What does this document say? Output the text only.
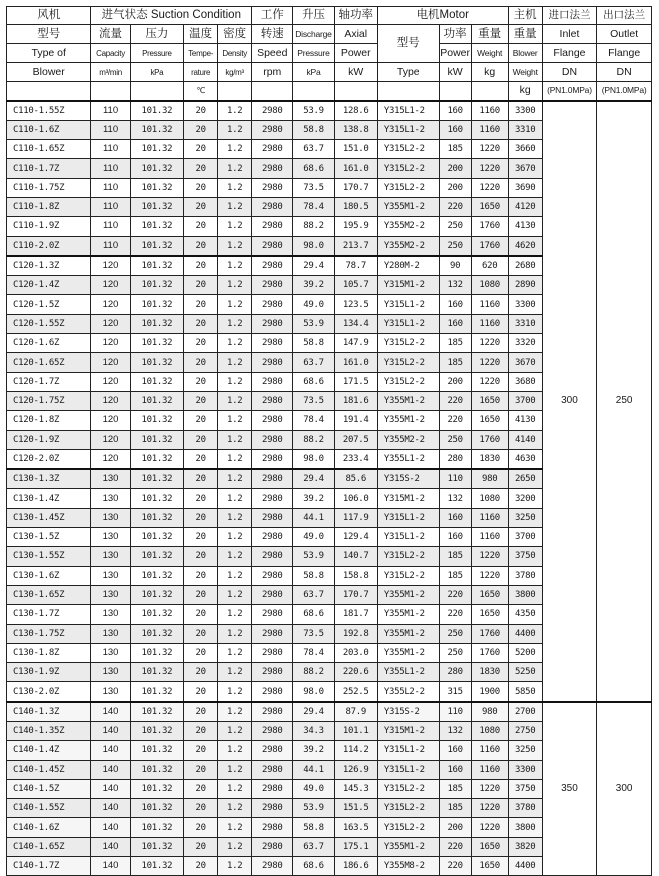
风机	进气状态 Suction Condition				工作	升压	轴功率	电机Motor			主机	进口法兰	出口法兰
型号	流量	压力	温度	密度	转速	Discharge	Axial	型号	功率	重量	重量	Inlet	Outlet
Type of	Capacity	Pressure	Tempe-	Density	Speed	Pressure	Power		Power	Weight	Blower	Flange	Flange
Blower	m³/min	kPa	rature	kg/m³	rpm	kPa	kW	Type	kW	kg	Weight	DN	DN
			℃								kg	(PN1.0MPa)	(PN1.0MPa)
C110-1.55Z	110	101.32	20	1.2	2980	53.9	128.6	Y315L1-2	160	1160	3300	300	250
C110-1.6Z	110	101.32	20	1.2	2980	58.8	138.8	Y315L1-2	160	1160	3310		
C110-1.65Z	110	101.32	20	1.2	2980	63.7	151.0	Y315L2-2	185	1220	3660		
C110-1.7Z	110	101.32	20	1.2	2980	68.6	161.0	Y315L2-2	200	1220	3670		
C110-1.75Z	110	101.32	20	1.2	2980	73.5	170.7	Y315L2-2	200	1220	3690		
C110-1.8Z	110	101.32	20	1.2	2980	78.4	180.5	Y355M1-2	220	1650	4120		
C110-1.9Z	110	101.32	20	1.2	2980	88.2	195.9	Y355M2-2	250	1760	4130		
C110-2.0Z	110	101.32	20	1.2	2980	98.0	213.7	Y355M2-2	250	1760	4620		
C120-1.3Z	120	101.32	20	1.2	2980	29.4	78.7	Y280M-2	90	620	2680		
C120-1.4Z	120	101.32	20	1.2	2980	39.2	105.7	Y315M1-2	132	1080	2890		
C120-1.5Z	120	101.32	20	1.2	2980	49.0	123.5	Y315L1-2	160	1160	3300		
C120-1.55Z	120	101.32	20	1.2	2980	53.9	134.4	Y315L1-2	160	1160	3310		
C120-1.6Z	120	101.32	20	1.2	2980	58.8	147.9	Y315L2-2	185	1220	3320		
C120-1.65Z	120	101.32	20	1.2	2980	63.7	161.0	Y315L2-2	185	1220	3670		
C120-1.7Z	120	101.32	20	1.2	2980	68.6	171.5	Y315L2-2	200	1220	3680		
C120-1.75Z	120	101.32	20	1.2	2980	73.5	181.6	Y355M1-2	220	1650	3700		
C120-1.8Z	120	101.32	20	1.2	2980	78.4	191.4	Y355M1-2	220	1650	4130		
C120-1.9Z	120	101.32	20	1.2	2980	88.2	207.5	Y355M2-2	250	1760	4140		
C120-2.0Z	120	101.32	20	1.2	2980	98.0	233.4	Y355L1-2	280	1830	4630		
C130-1.3Z	130	101.32	20	1.2	2980	29.4	85.6	Y315S-2	110	980	2650		
C130-1.4Z	130	101.32	20	1.2	2980	39.2	106.0	Y315M1-2	132	1080	3200		
C130-1.45Z	130	101.32	20	1.2	2980	44.1	117.9	Y315L1-2	160	1160	3250		
C130-1.5Z	130	101.32	20	1.2	2980	49.0	129.4	Y315L1-2	160	1160	3700		
C130-1.55Z	130	101.32	20	1.2	2980	53.9	140.7	Y315L2-2	185	1220	3750		
C130-1.6Z	130	101.32	20	1.2	2980	58.8	158.8	Y315L2-2	185	1220	3780		
C130-1.65Z	130	101.32	20	1.2	2980	63.7	170.7	Y355M1-2	220	1650	3800		
C130-1.7Z	130	101.32	20	1.2	2980	68.6	181.7	Y355M1-2	220	1650	4350		
C130-1.75Z	130	101.32	20	1.2	2980	73.5	192.8	Y355M1-2	250	1760	4400		
C130-1.8Z	130	101.32	20	1.2	2980	78.4	203.0	Y355M1-2	250	1760	5200		
C130-1.9Z	130	101.32	20	1.2	2980	88.2	220.6	Y355L1-2	280	1830	5250		
C130-2.0Z	130	101.32	20	1.2	2980	98.0	252.5	Y355L2-2	315	1900	5850		
C140-1.3Z	140	101.32	20	1.2	2980	29.4	87.9	Y315S-2	110	980	2700	350	300
C140-1.35Z	140	101.32	20	1.2	2980	34.3	101.1	Y315M1-2	132	1080	2750		
C140-1.4Z	140	101.32	20	1.2	2980	39.2	114.2	Y315L1-2	160	1160	3250		
C140-1.45Z	140	101.32	20	1.2	2980	44.1	126.9	Y315L1-2	160	1160	3300		
C140-1.5Z	140	101.32	20	1.2	2980	49.0	145.3	Y315L2-2	185	1220	3750		
C140-1.55Z	140	101.32	20	1.2	2980	53.9	151.5	Y315L2-2	185	1220	3780		
C140-1.6Z	140	101.32	20	1.2	2980	58.8	163.5	Y315L2-2	200	1220	3800		
C140-1.65Z	140	101.32	20	1.2	2980	63.7	175.1	Y355M1-2	220	1650	3820		
C140-1.7Z	140	101.32	20	1.2	2980	68.6	186.6	Y355M8-2	220	1650	4400		
